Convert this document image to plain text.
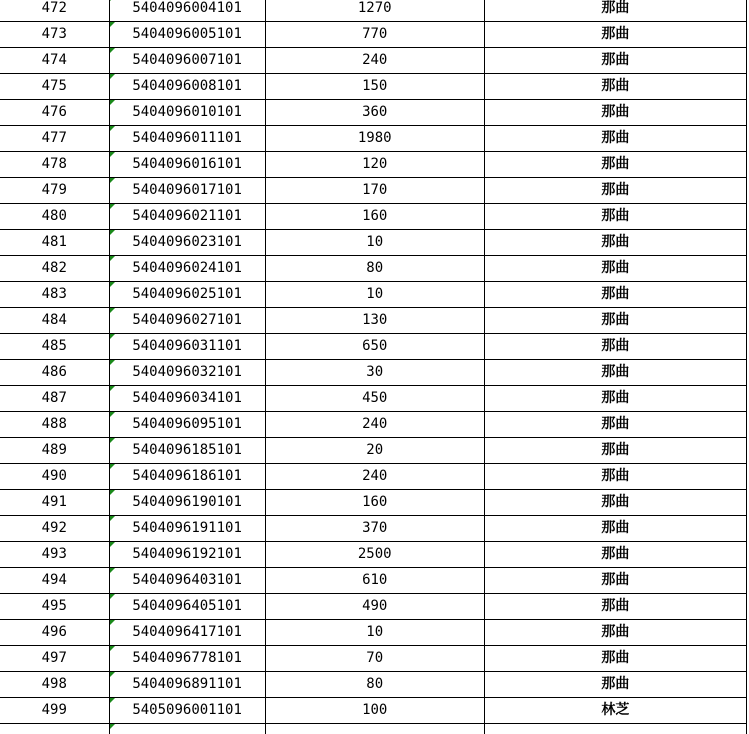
472	5404096004101	1270	那曲
473	5404096005101	770	那曲
474	5404096007101	240	那曲
475	5404096008101	150	那曲
476	5404096010101	360	那曲
477	5404096011101	1980	那曲
478	5404096016101	120	那曲
479	5404096017101	170	那曲
480	5404096021101	160	那曲
481	5404096023101	10	那曲
482	5404096024101	80	那曲
483	5404096025101	10	那曲
484	5404096027101	130	那曲
485	5404096031101	650	那曲
486	5404096032101	30	那曲
487	5404096034101	450	那曲
488	5404096095101	240	那曲
489	5404096185101	20	那曲
490	5404096186101	240	那曲
491	5404096190101	160	那曲
492	5404096191101	370	那曲
493	5404096192101	2500	那曲
494	5404096403101	610	那曲
495	5404096405101	490	那曲
496	5404096417101	10	那曲
497	5404096778101	70	那曲
498	5404096891101	80	那曲
499	5405096001101	100	林芝
